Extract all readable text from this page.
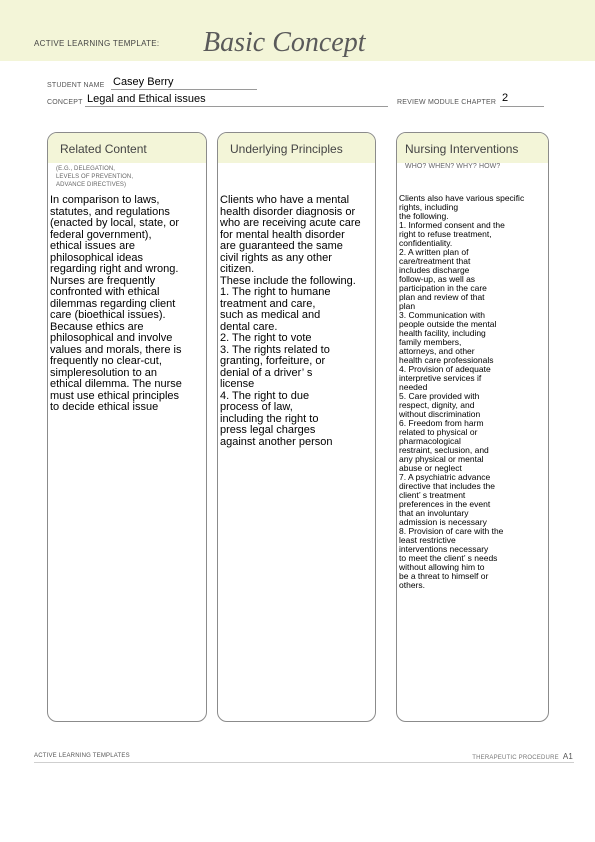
ACTIVE LEARNING TEMPLATE: Basic Concept
STUDENT NAME Casey Berry
CONCEPT Legal and Ethical issues	REVIEW MODULE CHAPTER 2
Related Content
(E.G., DELEGATION,
LEVELS OF PREVENTION,
ADVANCE DIRECTIVES)
In comparison to laws,
statutes, and regulations
(enacted by local, state, or
federal government),
ethical issues are
philosophical ideas
regarding right and wrong.
Nurses are frequently
confronted with ethical
dilemmas regarding client
care (bioethical issues).
Because ethics are
philosophical and involve
values and morals, there is
frequently no clear-cut,
simpleresolution to an
ethical dilemma. The nurse
must use ethical principles
to decide ethical issue
Underlying Principles
Clients who have a mental
health disorder diagnosis or
who are receiving acute care
for mental health disorder
are guaranteed the same
civil rights as any other
citizen.
These include the following.
1. The right to humane
treatment and care,
such as medical and
dental care.
2. The right to vote
3. The rights related to
granting, forfeiture, or
denial of a driver’ s
license
4. The right to due
process of law,
including the right to
press legal charges
against another person
Nursing Interventions
WHO? WHEN? WHY? HOW?
Clients also have various specific
rights, including
the following.
1. Informed consent and the
right to refuse treatment,
confidentiality.
2. A written plan of
care/treatment that
includes discharge
follow-up, as well as
participation in the care
plan and review of that
plan
3. Communication with
people outside the mental
health facility, including
family members,
attorneys, and other
health care professionals
4. Provision of adequate
interpretive services if
needed
5. Care provided with
respect, dignity, and
without discrimination
6. Freedom from harm
related to physical or
pharmacological
restraint, seclusion, and
any physical or mental
abuse or neglect
7. A psychiatric advance
directive that includes the
client’ s treatment
preferences in the event
that an involuntary
admission is necessary
8. Provision of care with the
least restrictive
interventions necessary
to meet the client’ s needs
without allowing him to
be a threat to himself or
others.
ACTIVE LEARNING TEMPLATES	THERAPEUTIC PROCEDURE A1
